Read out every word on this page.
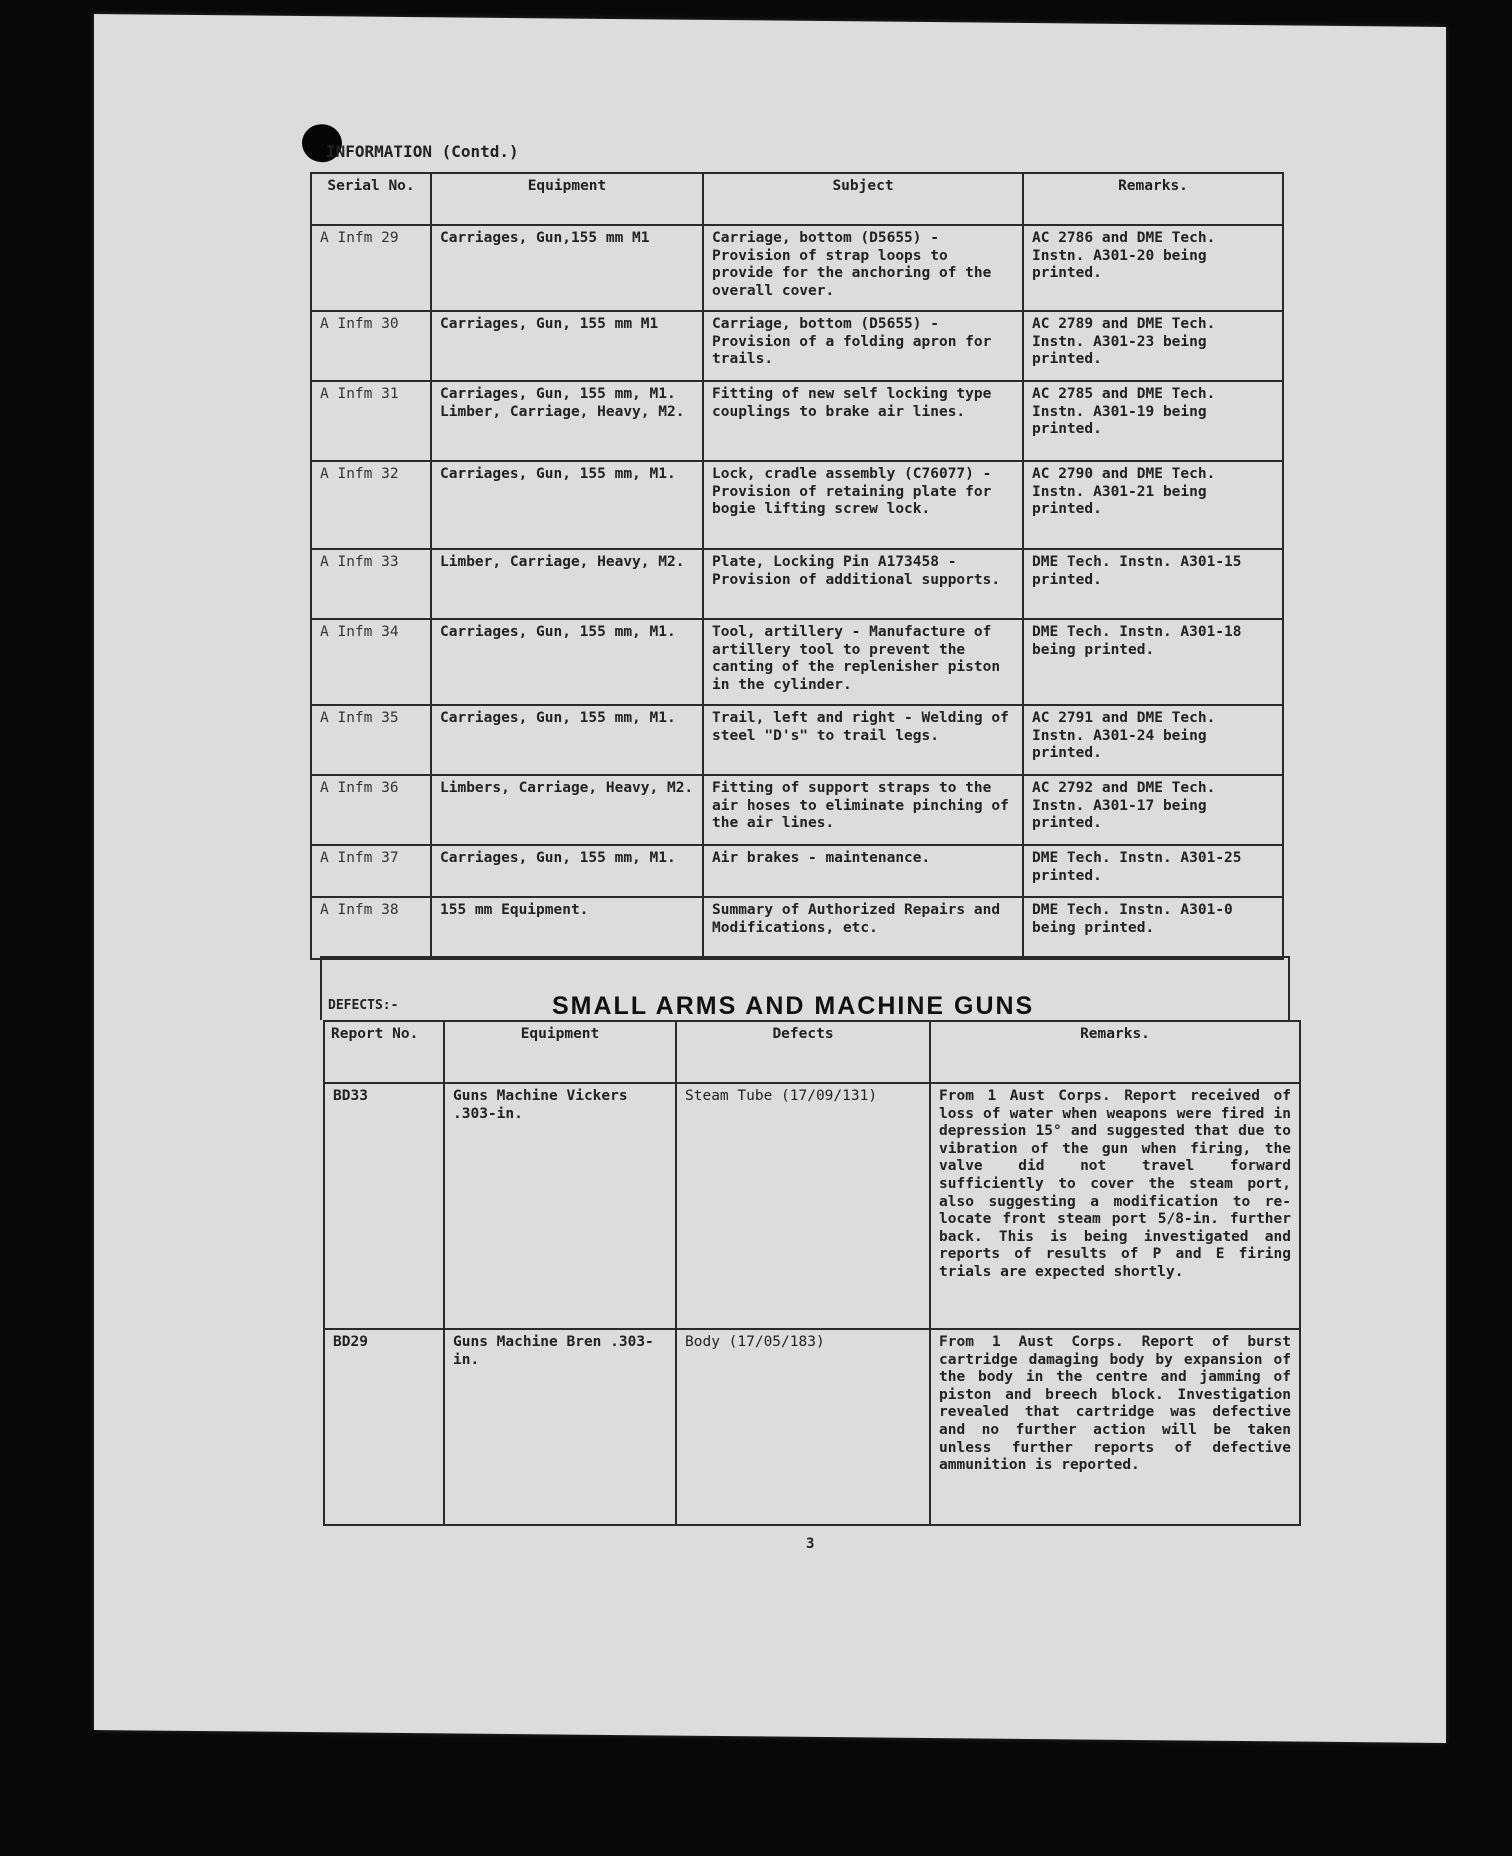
INFORMATION (Contd.)
Serial No.	Equipment	Subject	Remarks.
A Infm 29	Carriages, Gun,155 mm M1	Carriage, bottom (D5655) - Provision of strap loops to provide for the anchoring of the overall cover.	AC 2786 and DME Tech. Instn. A301-20 being printed.
A Infm 30	Carriages, Gun, 155 mm M1	Carriage, bottom (D5655) - Provision of a folding apron for trails.	AC 2789 and DME Tech. Instn. A301-23 being printed.
A Infm 31	Carriages, Gun, 155 mm, M1. Limber, Carriage, Heavy, M2.	Fitting of new self locking type couplings to brake air lines.	AC 2785 and DME Tech. Instn. A301-19 being printed.
A Infm 32	Carriages, Gun, 155 mm, M1.	Lock, cradle assembly (C76077) - Provision of retaining plate for bogie lifting screw lock.	AC 2790 and DME Tech. Instn. A301-21 being printed.
A Infm 33	Limber, Carriage, Heavy, M2.	Plate, Locking Pin A173458 - Provision of additional supports.	DME Tech. Instn. A301-15 printed.
A Infm 34	Carriages, Gun, 155 mm, M1.	Tool, artillery - Manufacture of artillery tool to prevent the canting of the replenisher piston in the cylinder.	DME Tech. Instn. A301-18 being printed.
A Infm 35	Carriages, Gun, 155 mm, M1.	Trail, left and right - Welding of steel "D's" to trail legs.	AC 2791 and DME Tech. Instn. A301-24 being printed.
A Infm 36	Limbers, Carriage, Heavy, M2.	Fitting of support straps to the air hoses to eliminate pinching of the air lines.	AC 2792 and DME Tech. Instn. A301-17 being printed.
A Infm 37	Carriages, Gun, 155 mm, M1.	Air brakes - maintenance.	DME Tech. Instn. A301-25 printed.
A Infm 38	155 mm Equipment.	Summary of Authorized Repairs and Modifications, etc.	DME Tech. Instn. A301-0 being printed.
DEFECTS:-	SMALL ARMS AND MACHINE GUNS
Report No.	Equipment	Defects	Remarks.
BD33	Guns Machine Vickers .303-in.	Steam Tube (17/09/131)	From 1 Aust Corps. Report received of loss of water when weapons were fired in depression 15° and suggested that due to vibration of the gun when firing, the valve did not travel forward sufficiently to cover the steam port, also suggesting a modification to re-locate front steam port 5/8-in. further back. This is being investigated and reports of results of P and E firing trials are expected shortly.
BD29	Guns Machine Bren .303-in.	Body (17/05/183)	From 1 Aust Corps. Report of burst cartridge damaging body by expansion of the body in the centre and jamming of piston and breech block. Investigation revealed that cartridge was defective and no further action will be taken unless further reports of defective ammunition is reported.
3
